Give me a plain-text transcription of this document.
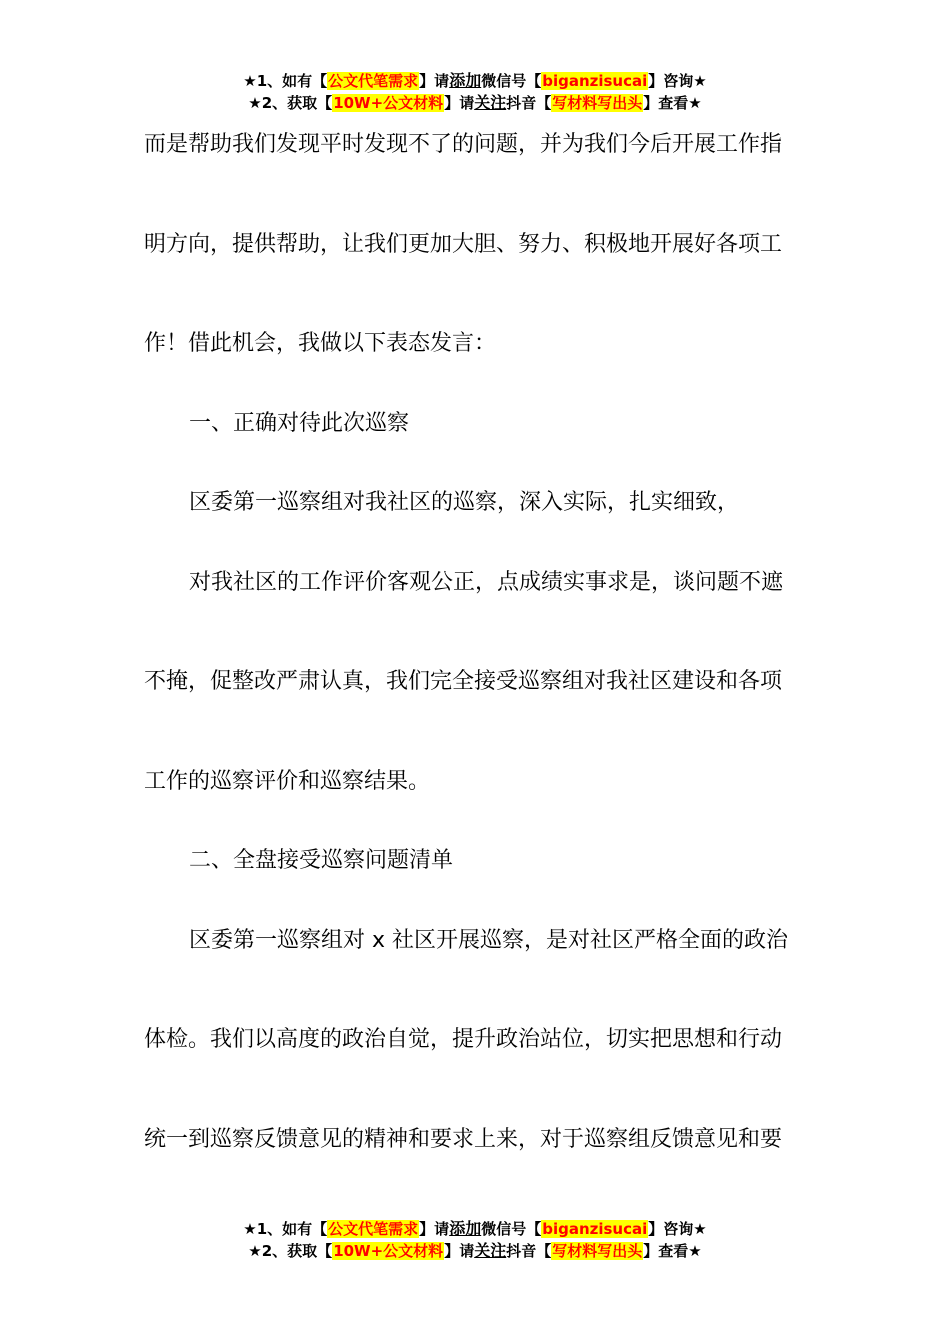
★1、如有【公文代笔需求】请添加微信号【biganzisucai】咨询★
★2、获取【10W+公文材料】请关注抖音【写材料写出头】查看★
而是帮助我们发现平时发现不了的问题，并为我们今后开展工作指
明方向，提供帮助，让我们更加大胆、努力、积极地开展好各项工
作！借此机会，我做以下表态发言：
一、正确对待此次巡察
区委第一巡察组对我社区的巡察，深入实际，扎实细致，
对我社区的工作评价客观公正，点成绩实事求是，谈问题不遮
不掩，促整改严肃认真，我们完全接受巡察组对我社区建设和各项
工作的巡察评价和巡察结果。
二、全盘接受巡察问题清单
区委第一巡察组对 x 社区开展巡察，是对社区严格全面的政治
体检。我们以高度的政治自觉，提升政治站位，切实把思想和行动
统一到巡察反馈意见的精神和要求上来，对于巡察组反馈意见和要
★1、如有【公文代笔需求】请添加微信号【biganzisucai】咨询★
★2、获取【10W+公文材料】请关注抖音【写材料写出头】查看★
